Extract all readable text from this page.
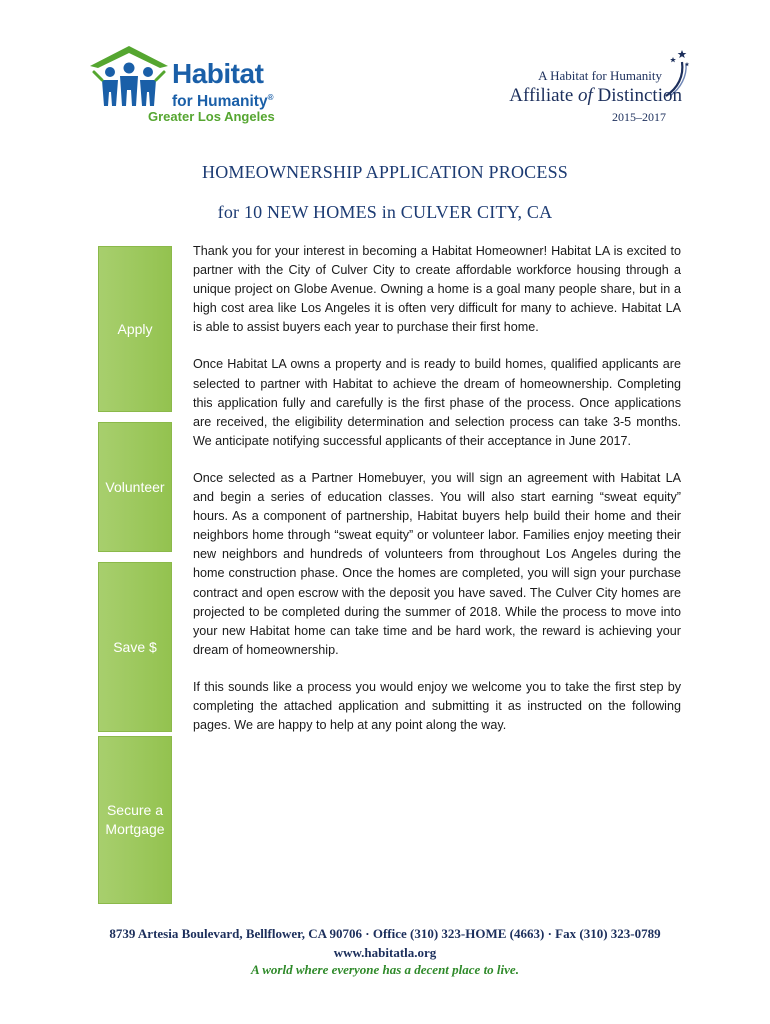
Habitat
for Humanity®
Greater Los Angeles
A Habitat for Humanity
Affiliate of Distinction
2015–2017
HOMEOWNERSHIP APPLICATION PROCESS
for 10 NEW HOMES in CULVER CITY, CA
Apply
Volunteer
Save $
Secure a Mortgage

Thank you for your interest in becoming a Habitat Homeowner! Habitat LA is excited to partner with the City of Culver City to create affordable workforce housing through a unique project on Globe Avenue. Owning a home is a goal many people share, but in a high cost area like Los Angeles it is often very difficult for many to achieve. Habitat LA is able to assist buyers each year to purchase their first home.

Once Habitat LA owns a property and is ready to build homes, qualified applicants are selected to partner with Habitat to achieve the dream of homeownership. Completing this application fully and carefully is the first phase of the process. Once applications are received, the eligibility determination and selection process can take 3-5 months. We anticipate notifying successful applicants of their acceptance in June 2017.

Once selected as a Partner Homebuyer, you will sign an agreement with Habitat LA and begin a series of education classes. You will also start earning “sweat equity” hours. As a component of partnership, Habitat buyers help build their home and their neighbors home through “sweat equity” or volunteer labor. Families enjoy meeting their new neighbors and hundreds of volunteers from throughout Los Angeles during the home construction phase. Once the homes are completed, you will sign your purchase contract and open escrow with the deposit you have saved. The Culver City homes are projected to be completed during the summer of 2018. While the process to move into your new Habitat home can take time and be hard work, the reward is achieving your dream of homeownership.

If this sounds like a process you would enjoy we welcome you to take the first step by completing the attached application and submitting it as instructed on the following pages. We are happy to help at any point along the way.

8739 Artesia Boulevard, Bellflower, CA 90706 · Office (310) 323-HOME (4663) · Fax (310) 323-0789
www.habitatla.org
A world where everyone has a decent place to live.
